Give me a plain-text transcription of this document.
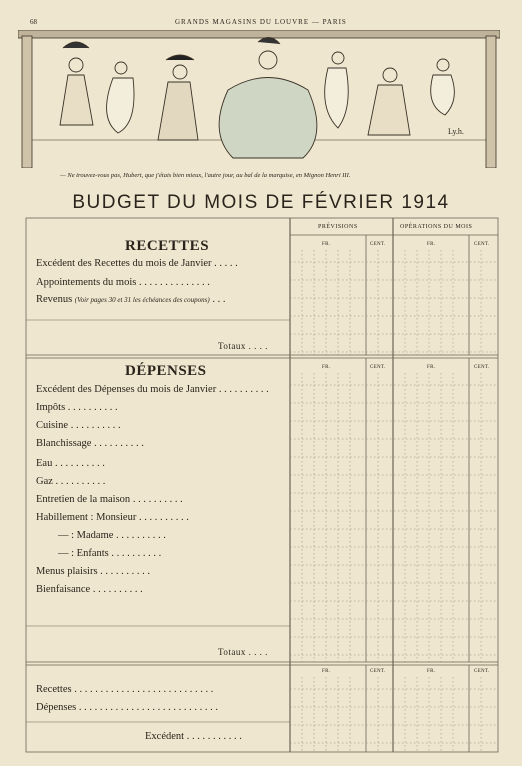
68	GRANDS MAGASINS DU LOUVRE — PARIS
Ly.h.
— Ne trouvez-vous pas, Hubert, que j'étais bien mieux, l'autre jour, au bal de la marquise, en Mignon Henri III.
BUDGET DU MOIS DE FÉVRIER 1914
PRÉVISIONS	OPÉRATIONS DU MOIS
FR.	CENT.	FR.	CENT.
FR.	CENT.	FR.	CENT.
FR.	CENT.	FR.	CENT.
RECETTES
Excédent des Recettes du mois de Janvier . . . . .
Appointements du mois . . . . . . . . . . . . . .
Revenus (Voir pages 30 et 31 les échéances des coupons) . . .
Totaux . . . .
DÉPENSES
Excédent des Dépenses du mois de Janvier . . . . . . . . . .
Impôts . . . . . . . . . .
Cuisine . . . . . . . . . .
Blanchissage . . . . . . . . . .
Eau . . . . . . . . . .
Gaz . . . . . . . . . .
Entretien de la maison . . . . . . . . . .
Habillement : Monsieur . . . . . . . . . .
— : Madame . . . . . . . . . .
— : Enfants . . . . . . . . . .
Menus plaisirs . . . . . . . . . .
Bienfaisance . . . . . . . . . .
Totaux . . . .
Recettes . . . . . . . . . . . . . . . . . . . . . . . . . . .
Dépenses . . . . . . . . . . . . . . . . . . . . . . . . . . .
Excédent . . . . . . . . . . .
